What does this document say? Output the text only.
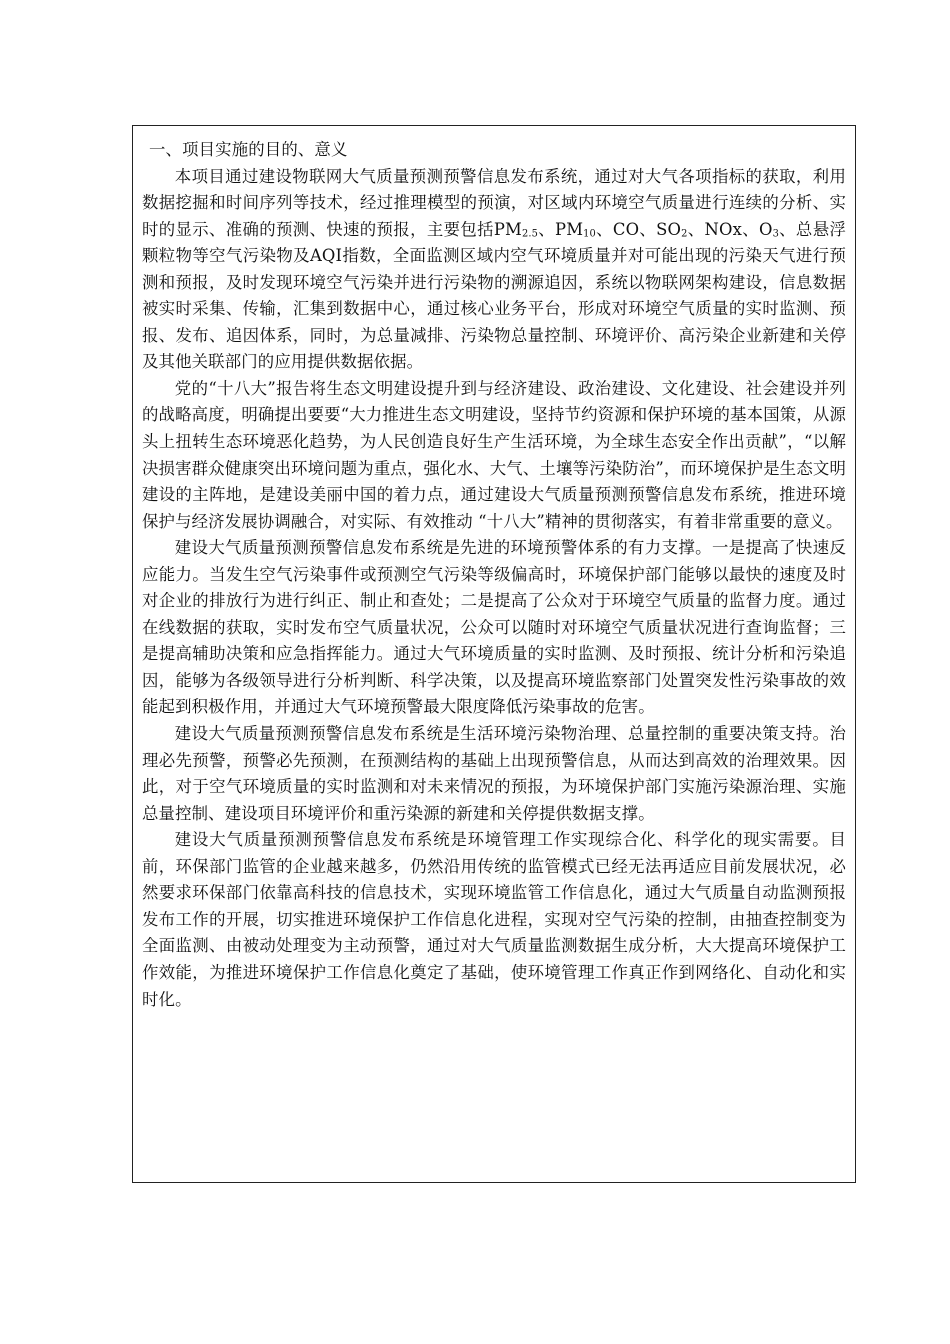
一、项目实施的目的、意义

本项目通过建设物联网大气质量预测预警信息发布系统，通过对大气各项指标的获取，利用数据挖掘和时间序列等技术，经过推理模型的预演，对区域内环境空气质量进行连续的分析、实时的显示、准确的预测、快速的预报，主要包括$PM_{2.5}$、$PM_{10}$、CO、$SO_2$、NOx、$O_3$、总悬浮颗粒物等空气污染物及AQI指数，全面监测区域内空气环境质量并对可能出现的污染天气进行预测和预报，及时发现环境空气污染并进行污染物的溯源追因，系统以物联网架构建设，信息数据被实时采集、传输，汇集到数据中心，通过核心业务平台，形成对环境空气质量的实时监测、预报、发布、追因体系，同时，为总量减排、污染物总量控制、环境评价、高污染企业新建和关停及其他关联部门的应用提供数据依据。

党的“十八大”报告将生态文明建设提升到与经济建设、政治建设、文化建设、社会建设并列的战略高度，明确提出要要“大力推进生态文明建设，坚持节约资源和保护环境的基本国策，从源头上扭转生态环境恶化趋势，为人民创造良好生产生活环境，为全球生态安全作出贡献”，“以解决损害群众健康突出环境问题为重点，强化水、大气、土壤等污染防治”，而环境保护是生态文明建设的主阵地，是建设美丽中国的着力点，通过建设大气质量预测预警信息发布系统，推进环境保护与经济发展协调融合，对实际、有效推动 “十八大”精神的贯彻落实，有着非常重要的意义。

建设大气质量预测预警信息发布系统是先进的环境预警体系的有力支撑。一是提高了快速反应能力。当发生空气污染事件或预测空气污染等级偏高时，环境保护部门能够以最快的速度及时对企业的排放行为进行纠正、制止和查处；二是提高了公众对于环境空气质量的监督力度。通过在线数据的获取，实时发布空气质量状况，公众可以随时对环境空气质量状况进行查询监督；三是提高辅助决策和应急指挥能力。通过大气环境质量的实时监测、及时预报、统计分析和污染追因，能够为各级领导进行分析判断、科学决策，以及提高环境监察部门处置突发性污染事故的效能起到积极作用，并通过大气环境预警最大限度降低污染事故的危害。

建设大气质量预测预警信息发布系统是生活环境污染物治理、总量控制的重要决策支持。治理必先预警，预警必先预测，在预测结构的基础上出现预警信息，从而达到高效的治理效果。因此，对于空气环境质量的实时监测和对未来情况的预报，为环境保护部门实施污染源治理、实施总量控制、建设项目环境评价和重污染源的新建和关停提供数据支撑。

建设大气质量预测预警信息发布系统是环境管理工作实现综合化、科学化的现实需要。目前，环保部门监管的企业越来越多，仍然沿用传统的监管模式已经无法再适应目前发展状况，必然要求环保部门依靠高科技的信息技术，实现环境监管工作信息化，通过大气质量自动监测预报发布工作的开展，切实推进环境保护工作信息化进程，实现对空气污染的控制，由抽查控制变为全面监测、由被动处理变为主动预警，通过对大气质量监测数据生成分析，大大提高环境保护工作效能，为推进环境保护工作信息化奠定了基础，使环境管理工作真正作到网络化、自动化和实时化。
